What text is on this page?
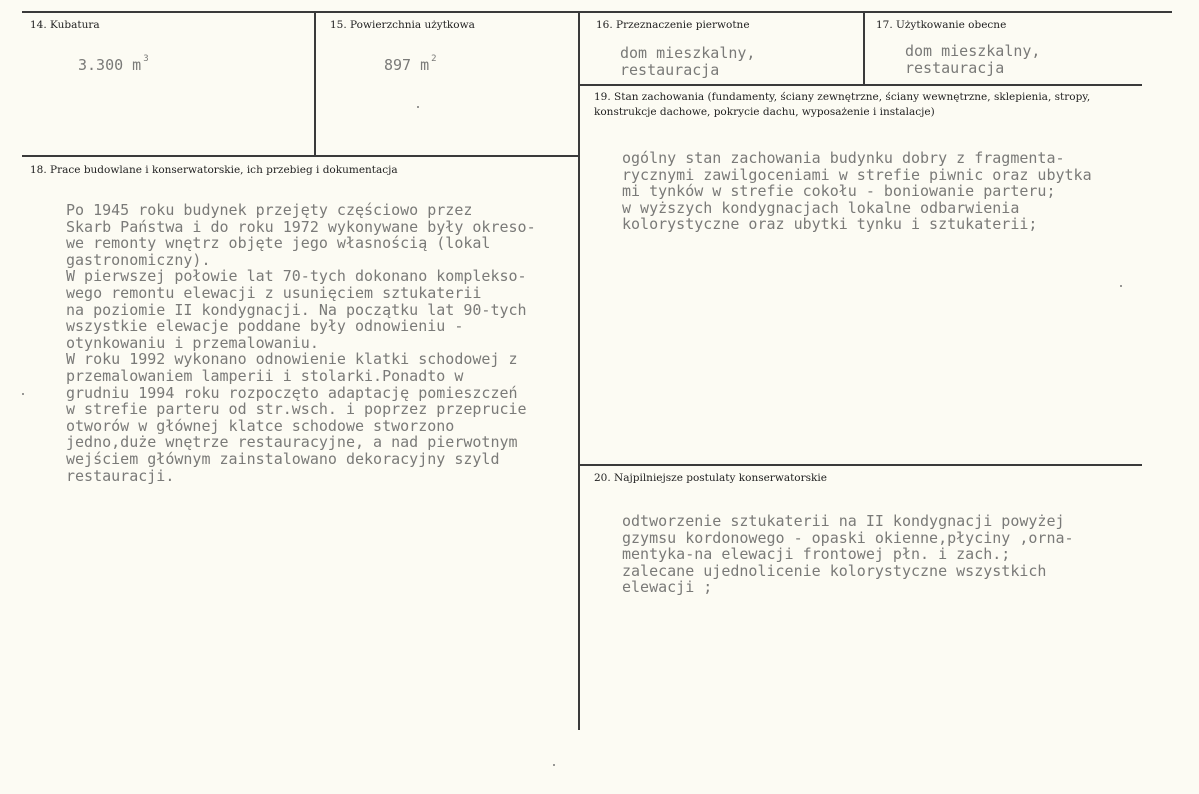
14. Kubatura
3.300 m $^3$
15. Powierzchnia użytkowa
897 m $^2$
16. Przeznaczenie pierwotne
dom mieszkalny,
restauracja
17. Użytkowanie obecne
dom mieszkalny,
restauracja
18. Prace budowlane i konserwatorskie, ich przebieg i dokumentacja
Po 1945 roku budynek przejęty częściowo przez
Skarb Państwa i do roku 1972 wykonywane były okreso-
we remonty wnętrz objęte jego własnością (lokal
gastronomiczny).
W pierwszej połowie lat 70-tych dokonano komplekso-
wego remontu elewacji z usunięciem sztukaterii
na poziomie II kondygnacji. Na początku lat 90-tych
wszystkie elewacje poddane były odnowieniu -
otynkowaniu i przemalowaniu.
W roku 1992 wykonano odnowienie klatki schodowej z
przemalowaniem lamperii i stolarki.Ponadto w
grudniu 1994 roku rozpoczęto adaptację pomieszczeń
w strefie parteru od str.wsch. i poprzez przeprucie
otworów w głównej klatce schodowe stworzono
jedno,duże wnętrze restauracyjne, a nad pierwotnym
wejściem głównym zainstalowano dekoracyjny szyld
restauracji.
19. Stan zachowania (fundamenty, ściany zewnętrzne, ściany wewnętrzne, sklepienia, stropy,
konstrukcje dachowe, pokrycie dachu, wyposażenie i instalacje)
ogólny stan zachowania budynku dobry z fragmenta-
rycznymi zawilgoceniami w strefie piwnic oraz ubytka
mi tynków w strefie cokołu - boniowanie parteru;
w wyższych kondygnacjach lokalne odbarwienia
kolorystyczne oraz ubytki tynku i sztukaterii;
20. Najpilniejsze postulaty konserwatorskie
odtworzenie sztukaterii na II kondygnacji powyżej
gzymsu kordonowego - opaski okienne,płyciny ,orna-
mentyka-na elewacji frontowej płn. i zach.;
zalecane ujednolicenie kolorystyczne wszystkich
elewacji ;
